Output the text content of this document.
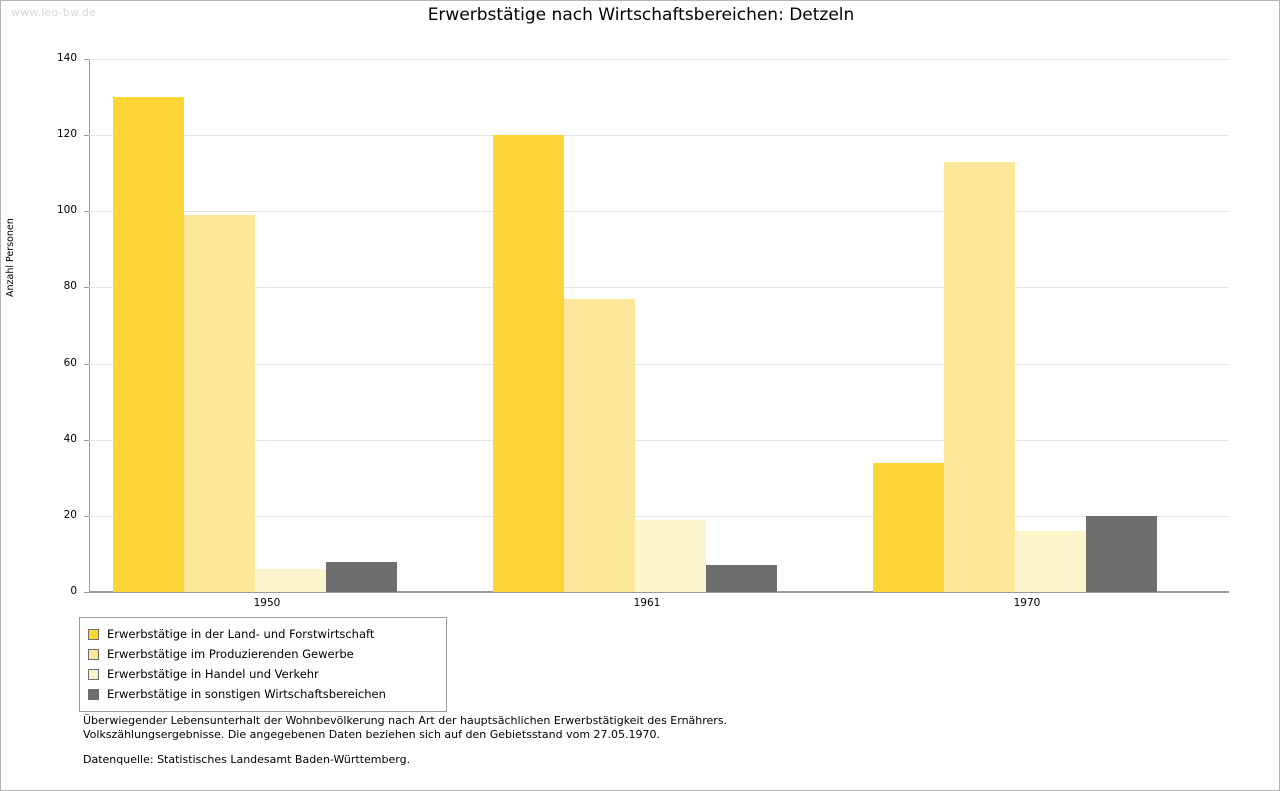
www.leo-bw.de	Erwerbstätige nach Wirtschaftsbereichen: Detzeln
Anzahl Personen
0
20
40
60
80
100
120
140
1950	1961	1970
Erwerbstätige in der Land- und Forstwirtschaft
Erwerbstätige im Produzierenden Gewerbe
Erwerbstätige in Handel und Verkehr
Erwerbstätige in sonstigen Wirtschaftsbereichen
Überwiegender Lebensunterhalt der Wohnbevölkerung nach Art der hauptsächlichen Erwerbstätigkeit des Ernährers.
Volkszählungsergebnisse. Die angegebenen Daten beziehen sich auf den Gebietsstand vom 27.05.1970.
Datenquelle: Statistisches Landesamt Baden-Württemberg.
